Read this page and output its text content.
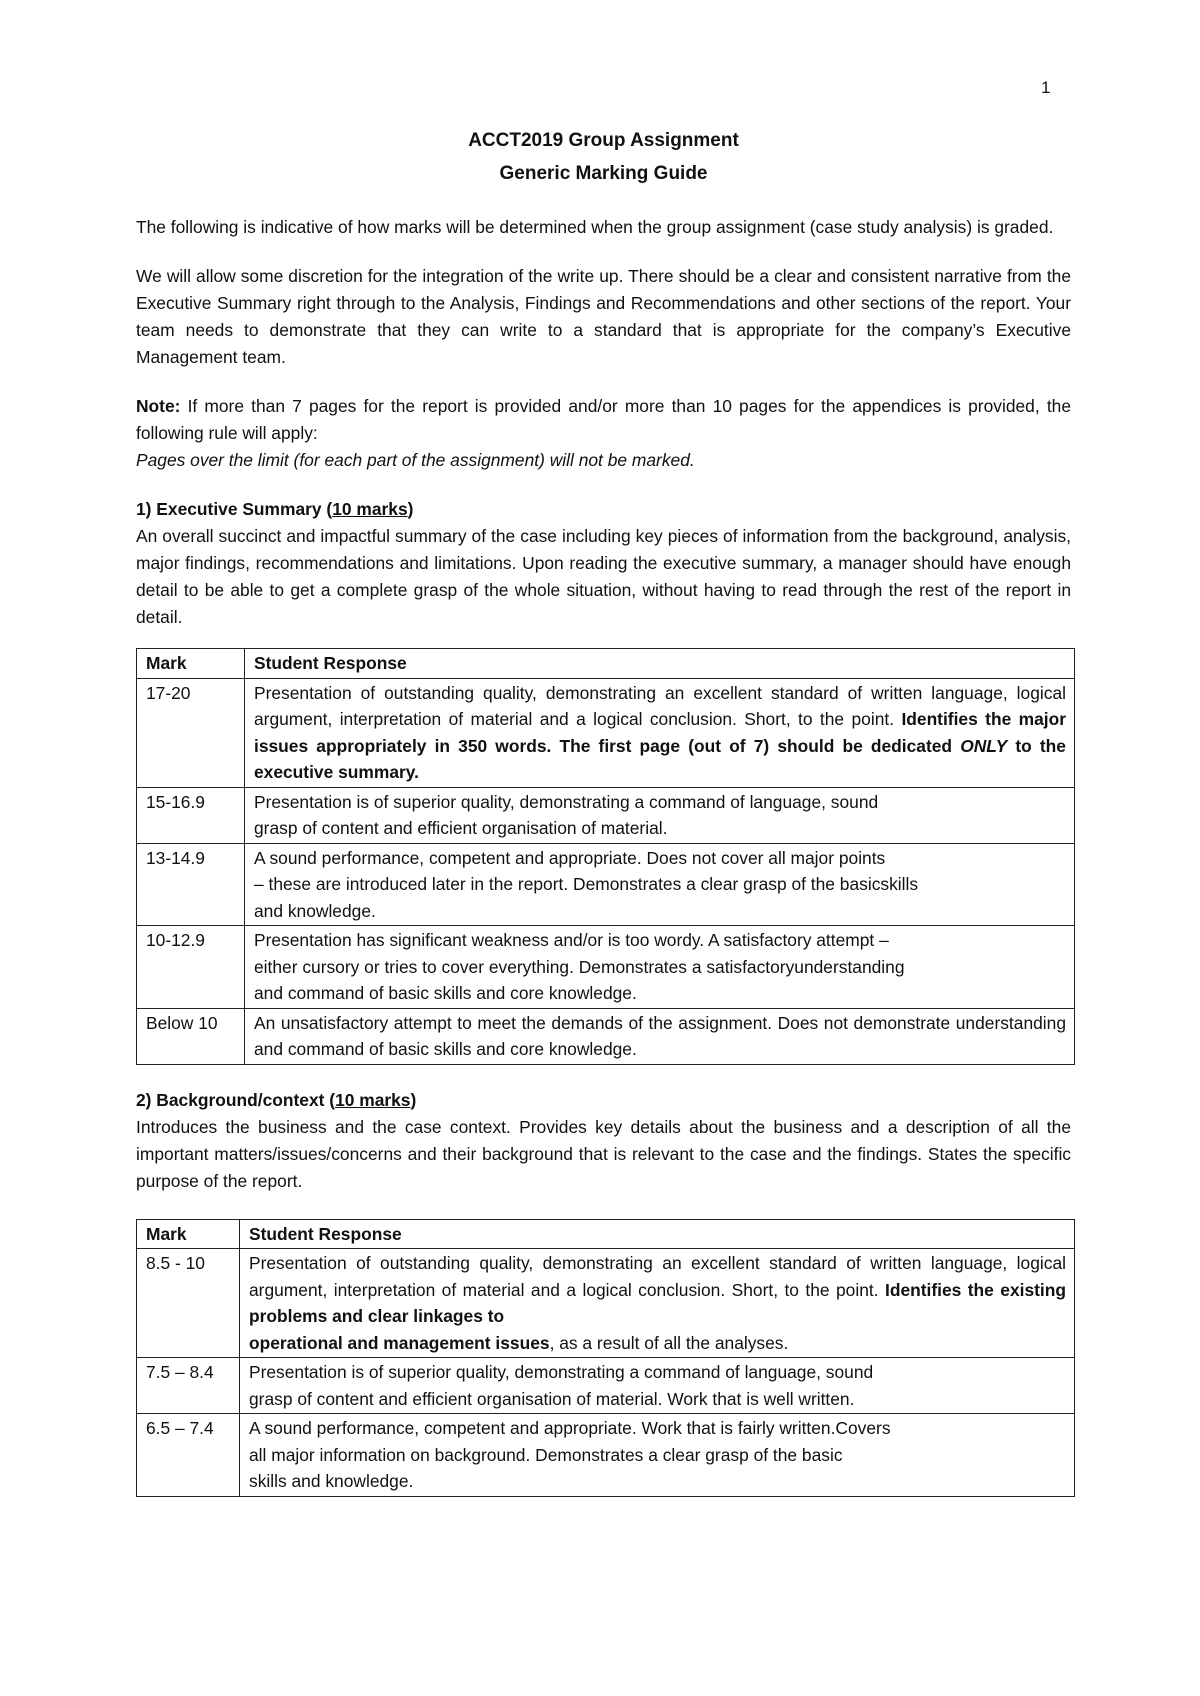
1
ACCT2019 Group Assignment
Generic Marking Guide

The following is indicative of how marks will be determined when the group assignment (case study analysis) is graded.

We will allow some discretion for the integration of the write up. There should be a clear and consistent narrative from the Executive Summary right through to the Analysis, Findings and Recommendations and other sections of the report. Your team needs to demonstrate that they can write to a standard that is appropriate for the company’s Executive Management team.

Note: If more than 7 pages for the report is provided and/or more than 10 pages for the appendices is provided, the following rule will apply:

Pages over the limit (for each part of the assignment) will not be marked.

1) Executive Summary (10 marks)

An overall succinct and impactful summary of the case including key pieces of information from the background, analysis, major findings, recommendations and limitations. Upon reading the executive summary, a manager should have enough detail to be able to get a complete grasp of the whole situation, without having to read through the rest of the report in detail.

Mark	Student Response
17-20	Presentation of outstanding quality, demonstrating an excellent standard of written language, logical argument, interpretation of material and a logical conclusion. Short, to the point. Identifies the major issues appropriately in 350 words. The first page (out of 7) should be dedicated ONLY to the executive summary.
15-16.9	Presentation is of superior quality, demonstrating a command of language, sound
grasp of content and efficient organisation of material.

13-14.9	A sound performance, competent and appropriate. Does not cover all major points
– these are introduced later in the report. Demonstrates a clear grasp of the basicskills
and knowledge.

10-12.9	Presentation has significant weakness and/or is too wordy. A satisfactory attempt –
either cursory or tries to cover everything. Demonstrates a satisfactoryunderstanding
and command of basic skills and core knowledge.

Below 10	An unsatisfactory attempt to meet the demands of the assignment. Does not demonstrate understanding and command of basic skills and core knowledge.
2) Background/context (10 marks)

Introduces the business and the case context. Provides key details about the business and a description of all the important matters/issues/concerns and their background that is relevant to the case and the findings. States the specific purpose of the report.

Mark	Student Response
8.5 - 10	Presentation of outstanding quality, demonstrating an excellent standard of written language, logical argument, interpretation of material and a logical conclusion. Short, to the point. Identifies the existing problems and clear linkages to
operational and management issues, as a result of all the analyses.
7.5 – 8.4	Presentation is of superior quality, demonstrating a command of language, sound
grasp of content and efficient organisation of material. Work that is well written.

6.5 – 7.4	A sound performance, competent and appropriate. Work that is fairly written.Covers
all major information on background. Demonstrates a clear grasp of the basic
skills and knowledge.
